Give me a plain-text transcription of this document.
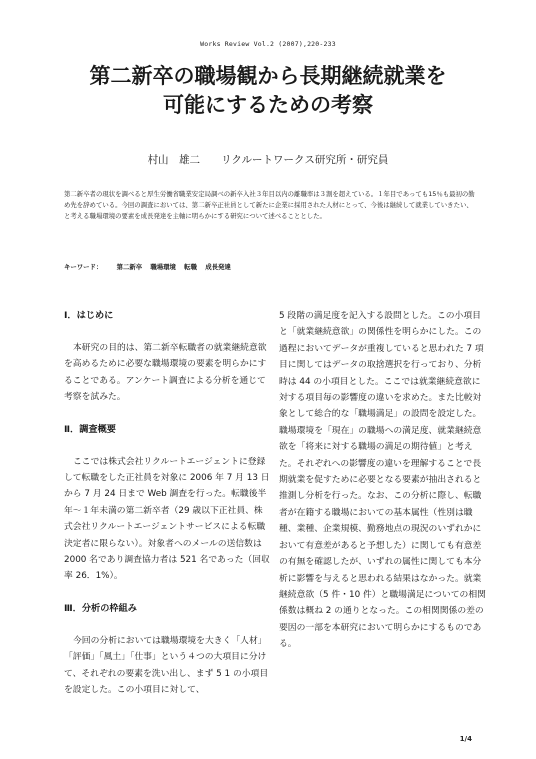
Works Review Vol.2 (2007),220-233
第二新卒の職場観から長期継続就業を
可能にするための考察
村山　雄二　　 リクルートワークス研究所・研究員
第二新卒者の現状を調べると厚生労働省職業安定局調べの新卒入社３年目以内の離職率は３割を超えている。１年目であっても15％も最初の勤め先を辞めている。今回の調査においては、第二新卒正社員として新たに企業に採用された人材にとって、今後は継続して就業していきたい、と考える職場環境の要素を成長発達を主軸に明らかにする研究について述べることとした。
キーワード： 第二新卒 職場環境 転職 成長発達
Ⅰ．はじめに

本研究の目的は、第二新卒転職者の就業継続意欲を高めるために必要な職場環境の要素を明らかにすることである。アンケート調査による分析を通じて考察を試みた。

Ⅱ．調査概要

ここでは株式会社リクルートエージェントに登録して転職をした正社員を対象に 2006 年 7 月 13 日から 7 月 24 日まで Web 調査を行った。転職後半年～１年未満の第二新卒者（29 歳以下正社員、株式会社リクルートエージェントサービスによる転職決定者に限らない）。対象者へのメールの送信数は 2000 名であり調査協力者は 521 名であった（回収率 26．1%）。

Ⅲ．分析の枠組み

今回の分析においては職場環境を大きく「人材」「評価」「風土」「仕事」という４つの大項目に分けて、それぞれの要素を洗い出し、まず 5 1 の小項目を設定した。この小項目に対して、

5 段階の満足度を記入する設問とした。この小項目と「就業継続意欲」の関係性を明らかにした。この過程においてデータが重複していると思われた 7 項目に関してはデータの取捨選択を行っており、分析時は 44 の小項目とした。ここでは就業継続意欲に対する項目毎の影響度の違いを求めた。また比較対象として総合的な「職場満足」の設問を設定した。職場環境を「現在」の職場への満足度、就業継続意欲を「将来に対する職場の満足の期待値」と考えた。それぞれへの影響度の違いを理解することで長期就業を促すために必要となる要素が抽出されると推測し分析を行った。なお、この分析に際し、転職者が在籍する職場においての基本属性（性別は職種、業種、企業規模、勤務地点の現況のいずれかにおいて有意差があると予想した）に関しても有意差の有無を確認したが、いずれの属性に関しても本分析に影響を与えると思われる結果はなかった。就業継続意欲（5 件・10 件）と職場満足についての相関係数は概ね 2 の通りとなった。この相関関係の差の要因の一部を本研究において明らかにするものである。

1/4
